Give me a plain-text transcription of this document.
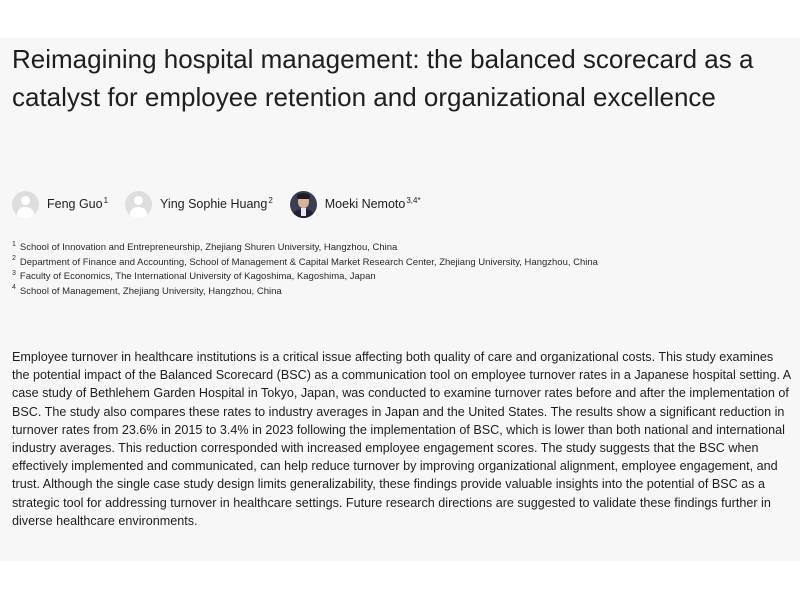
Reimagining hospital management: the balanced scorecard as a catalyst for employee retention and organizational excellence
Feng Guo$^1$	Ying Sophie Huang$^2$	Moeki Nemoto$^{3,4*}$
$^1$ School of Innovation and Entrepreneurship, Zhejiang Shuren University, Hangzhou, China
$^2$ Department of Finance and Accounting, School of Management & Capital Market Research Center, Zhejiang University, Hangzhou, China
$^3$ Faculty of Economics, The International University of Kagoshima, Kagoshima, Japan
$^4$ School of Management, Zhejiang University, Hangzhou, China

Employee turnover in healthcare institutions is a critical issue affecting both quality of care and organizational costs. This study examines the potential impact of the Balanced Scorecard (BSC) as a communication tool on employee turnover rates in a Japanese hospital setting. A case study of Bethlehem Garden Hospital in Tokyo, Japan, was conducted to examine turnover rates before and after the implementation of BSC. The study also compares these rates to industry averages in Japan and the United States. The results show a significant reduction in turnover rates from 23.6% in 2015 to 3.4% in 2023 following the implementation of BSC, which is lower than both national and international industry averages. This reduction corresponded with increased employee engagement scores. The study suggests that the BSC when effectively implemented and communicated, can help reduce turnover by improving organizational alignment, employee engagement, and trust. Although the single case study design limits generalizability, these findings provide valuable insights into the potential of BSC as a strategic tool for addressing turnover in healthcare settings. Future research directions are suggested to validate these findings further in diverse healthcare environments.
